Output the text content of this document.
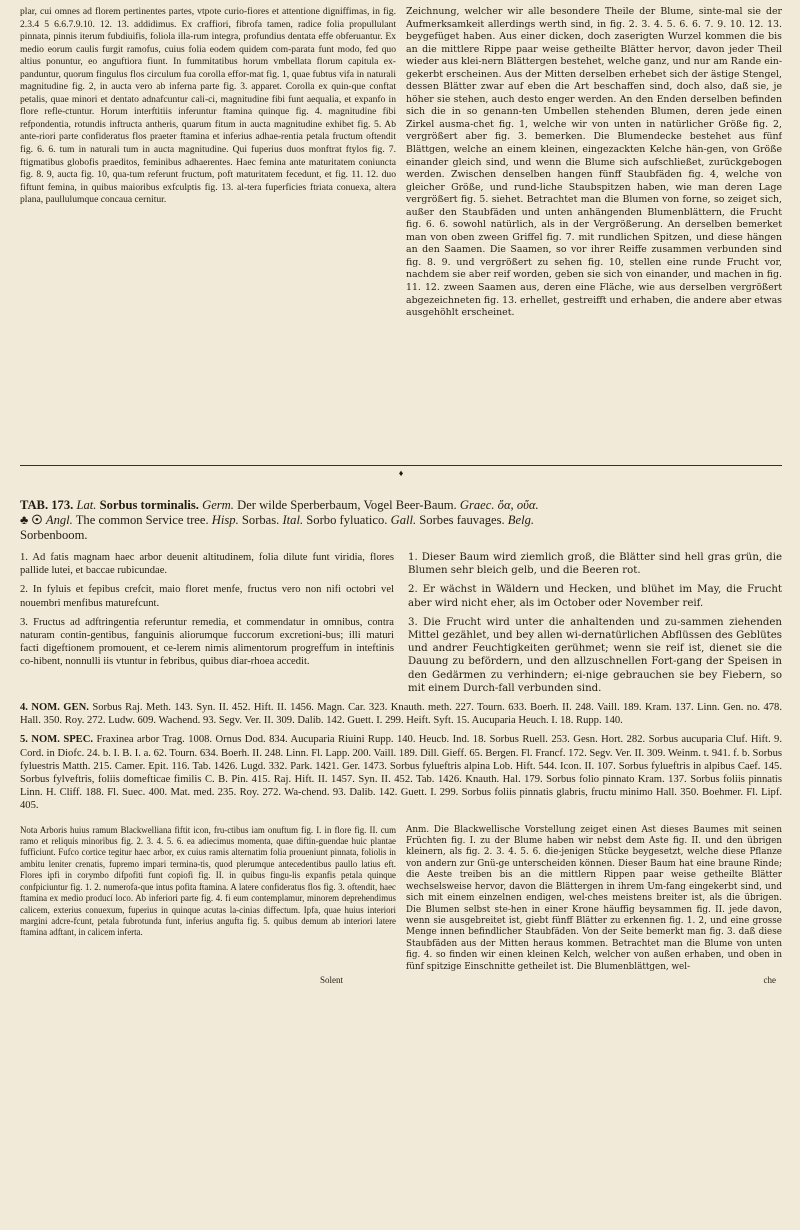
plar, cui omnes ad florem pertinentes partes, vtpote curio-fiores et attentione digniffimas, in fig. 2.3.4 5 6.6.7.9.10. 12. 13. addidimus. Ex craffiori, fibrofa tamen, radice folia propullulant pinnata, pinnis iterum fubdiuifis, foliola illa-rum integra, profundius dentata effe obferuantur. Ex medio eorum caulis furgit ramofus, cuius folia eodem quidem com-parata funt modo, fed quo altius ponuntur, eo anguftiora fiunt. In fummitatibus horum vmbellata florum capitula ex-panduntur, quorum fingulus flos circulum fua corolla effor-mat fig. 1, quae fubtus vifa in naturali magnitudine fig. 2, in aucta vero ab inferna parte fig. 3. apparet. Corolla ex quin-que conftat petalis, quae minori et dentato adnafcuntur cali-ci, magnitudine fibi funt aequalia, et expanfo in flore refle-ctuntur. Horum interftitiis inferuntur ftamina quinque fig. 4. magnitudine fibi refpondentia, rotundis inftructa antheris, quarum fitum in aucta magnitudine exhibet fig. 5. Ab ante-riori parte confideratus flos praeter ftamina et inferius adhae-rentia petala fructum oftendit fig. 6. 6. tum in naturali tum in aucta magnitudine. Qui fuperius duos monftrat ftylos fig. 7. ftigmatibus globofis praeditos, feminibus adhaerentes. Haec femina ante maturitatem coniuncta fig. 8. 9, aucta fig. 10, qua-tum referunt fructum, poft maturitatem fecedunt, et fig. 11. 12. duo fiftunt femina, in quibus maioribus exfculptis fig. 13. al-tera fuperficies ftriata conuexa, altera plana, paullulumque concaua cernitur.
Zeichnung, welcher wir alle besondere Theile der Blume, sinte-mal sie der Aufmerksamkeit allerdings werth sind, in fig. 2. 3. 4. 5. 6. 6. 7. 9. 10. 12. 13. beygefüget haben. Aus einer dicken, doch zaserigten Wurzel kommen die bis an die mittlere Rippe paar weise getheilte Blätter hervor, davon jeder Theil wieder aus klei-nern Blättergen bestehet, welche ganz, und nur am Rande ein-gekerbt erscheinen. Aus der Mitten derselben erhebet sich der ästige Stengel, dessen Blätter zwar auf eben die Art beschaffen sind, doch also, daß sie, je höher sie stehen, auch desto enger werden. An den Enden derselben befinden sich die in so genann-ten Umbellen stehenden Blumen, deren jede einen Zirkel ausma-chet fig. 1, welche wir von unten in natürlicher Größe fig. 2, vergrößert aber fig. 3. bemerken. Die Blumendecke bestehet aus fünf Blättgen, welche an einem kleinen, eingezackten Kelche hän-gen, von Größe einander gleich sind, und wenn die Blume sich aufschließet, zurückgebogen werden. Zwischen denselben hangen fünff Staubfäden fig. 4, welche von gleicher Größe, und rund-liche Staubspitzen haben, wie man deren Lage vergrößert fig. 5. siehet. Betrachtet man die Blumen von forne, so zeiget sich, außer den Staubfäden und unten anhängenden Blumenblättern, die Frucht fig. 6. 6. sowohl natürlich, als in der Vergrößerung. An derselben bemerket man von oben zween Griffel fig. 7. mit rundlichen Spitzen, und diese hängen an den Saamen. Die Saamen, so vor ihrer Reiffe zusammen verbunden sind fig. 8. 9. und vergrößert zu sehen fig. 10, stellen eine runde Frucht vor, nachdem sie aber reif worden, geben sie sich von einander, und machen in fig. 11. 12. zween Saamen aus, deren eine Fläche, wie aus derselben vergrößert abgezeichneten fig. 13. erhellet, gestreifft und erhaben, die andere aber etwas ausgehöhlt erscheinet.
♦
TAB. 173. Lat. Sorbus torminalis. Germ. Der wilde Sperberbaum, Vogel Beer-Baum. Graec. ὄα, οὔα.
♣ ☉ Angl. The common Service tree. Hisp. Sorbas. Ital. Sorbo fyluatico. Gall. Sorbes fauvages. Belg.
Sorbenboom.
1. Ad fatis magnam haec arbor deuenit altitudinem, folia dilute funt viridia, flores pallide lutei, et baccae rubicundae.
1. Dieser Baum wird ziemlich groß, die Blätter sind hell gras grün, die Blumen sehr bleich gelb, und die Beeren rot.
2. In fyluis et fepibus crefcit, maio floret menfe, fructus vero non nifi octobri vel nouembri menfibus maturefcunt.
2. Er wächst in Wäldern und Hecken, und blühet im May, die Frucht aber wird nicht eher, als im October oder November reif.
3. Fructus ad adftringentia referuntur remedia, et commendatur in omnibus, contra naturam contin-gentibus, fanguinis aliorumque fuccorum excretioni-bus; illi maturi facti digeftionem promouent, et ce-lerem nimis alimentorum progreffum in inteftinis co-hibent, nonnulli iis vtuntur in febribus, quibus diar-rhoea accedit.
3. Die Frucht wird unter die anhaltenden und zu-sammen ziehenden Mittel gezählet, und bey allen wi-dernatürlichen Abflüssen des Geblütes und andrer Feuchtigkeiten gerühmet; wenn sie reif ist, dienet sie die Dauung zu befördern, und den allzuschnellen Fort-gang der Speisen in den Gedärmen zu verhindern; ei-nige gebrauchen sie bey Fiebern, so mit einem Durch-fall verbunden sind.
4. NOM. GEN. Sorbus Raj. Meth. 143. Syn. II. 452. Hift. II. 1456. Magn. Car. 323. Knauth. meth. 227. Tourn. 633. Boerh. II. 248. Vaill. 189. Kram. 137. Linn. Gen. no. 478. Hall. 350. Roy. 272. Ludw. 609. Wachend. 93. Segv. Ver. II. 309. Dalib. 142. Guett. I. 299. Heift. Syft. 15. Aucuparia Heuch. I. 18. Rupp. 140.
5. NOM. SPEC. Fraxinea arbor Trag. 1008. Ornus Dod. 834. Aucuparia Riuini Rupp. 140. Heucb. Ind. 18. Sorbus Ruell. 253. Gesn. Hort. 282. Sorbus aucuparia Cluf. Hift. 9. Cord. in Diofc. 24. b. I. B. I. a. 62. Tourn. 634. Boerh. II. 248. Linn. Fl. Lapp. 200. Vaill. 189. Dill. Gieff. 65. Bergen. Fl. Francf. 172. Segv. Ver. II. 309. Weinm. t. 941. f. b. Sorbus fyluestris Matth. 215. Camer. Epit. 116. Tab. 1426. Lugd. 332. Park. 1421. Ger. 1473. Sorbus fylueftris alpina Lob. Hift. 544. Icon. II. 107. Sorbus fylueftris in alpibus Caef. 145. Sorbus fylveftris, foliis domefticae fimilis C. B. Pin. 415. Raj. Hift. II. 1457. Syn. II. 452. Tab. 1426. Knauth. Hal. 179. Sorbus folio pinnato Kram. 137. Sorbus foliis pinnatis Linn. H. Cliff. 188. Fl. Suec. 400. Mat. med. 235. Roy. 272. Wa-chend. 93. Dalib. 142. Guett. I. 299. Sorbus foliis pinnatis glabris, fructu minimo Hall. 350. Boehmer. Fl. Lipf. 405.
Nota Arboris huius ramum Blackwelliana fiftit icon, fru-ctibus iam onuftum fig. I. in flore fig. II. cum ramo et reliquis minoribus fig. 2. 3. 4. 5. 6. ea adiecimus momenta, quae diftin-guendae huic plantae fufficiunt. Fufco cortice tegitur haec arbor, ex cuius ramis alternatim folia proueniunt pinnata, foliolis in ambitu leniter crenatis, fupremo impari termina-tis, quod plerumque antecedentibus paullo latius eft. Flores ipfi in corymbo difpofiti funt copiofi fig. II. in quibus fingu-lis expanfis petala quinque confpiciuntur fig. 1. 2. numerofa-que intus pofita ftamina. A latere confideratus flos fig. 3. oftendit, haec ftamina ex medio producí loco. Ab inferiori parte fig. 4. fi eum contemplamur, minorem deprehendimus calicem, exterius conuexum, fuperius in quinque acutas la-cinias diffectum. Ipfa, quae huius interiori margini adcre-fcunt, petala fubrotunda funt, inferius angufta fig. 5. quibus demum ab interiori latere ftamina adftant, in calicem inferta.
Anm. Die Blackwellische Vorstellung zeiget einen Ast dieses Baumes mit seinen Früchten fig. I. zu der Blume haben wir nebst dem Aste fig. II. und den übrigen kleinern, als fig. 2. 3. 4. 5. 6. die-jenigen Stücke beygesetzt, welche diese Pflanze von andern zur Gnü-ge unterscheiden können. Dieser Baum hat eine braune Rinde; die Aeste treiben bis an die mittlern Rippen paar weise getheilte Blätter wechselsweise hervor, davon die Blättergen in ihrem Um-fang eingekerbt sind, und sich mit einem einzelnen endigen, wel-ches meistens breiter ist, als die übrigen. Die Blumen selbst ste-hen in einer Krone häuffig beysammen fig. II. jede davon, wenn sie ausgebreitet ist, giebt fünff Blätter zu erkennen fig. 1. 2, und eine grosse Menge innen befindlicher Staubfäden. Von der Seite bemerkt man fig. 3. daß diese Staubfäden aus der Mitten heraus kommen. Betrachtet man die Blume von unten fig. 4. so finden wir einen kleinen Kelch, welcher von außen erhaben, und oben in fünf spitzige Einschnitte getheilet ist. Die Blumenblättgen, wel-
Solent	che
